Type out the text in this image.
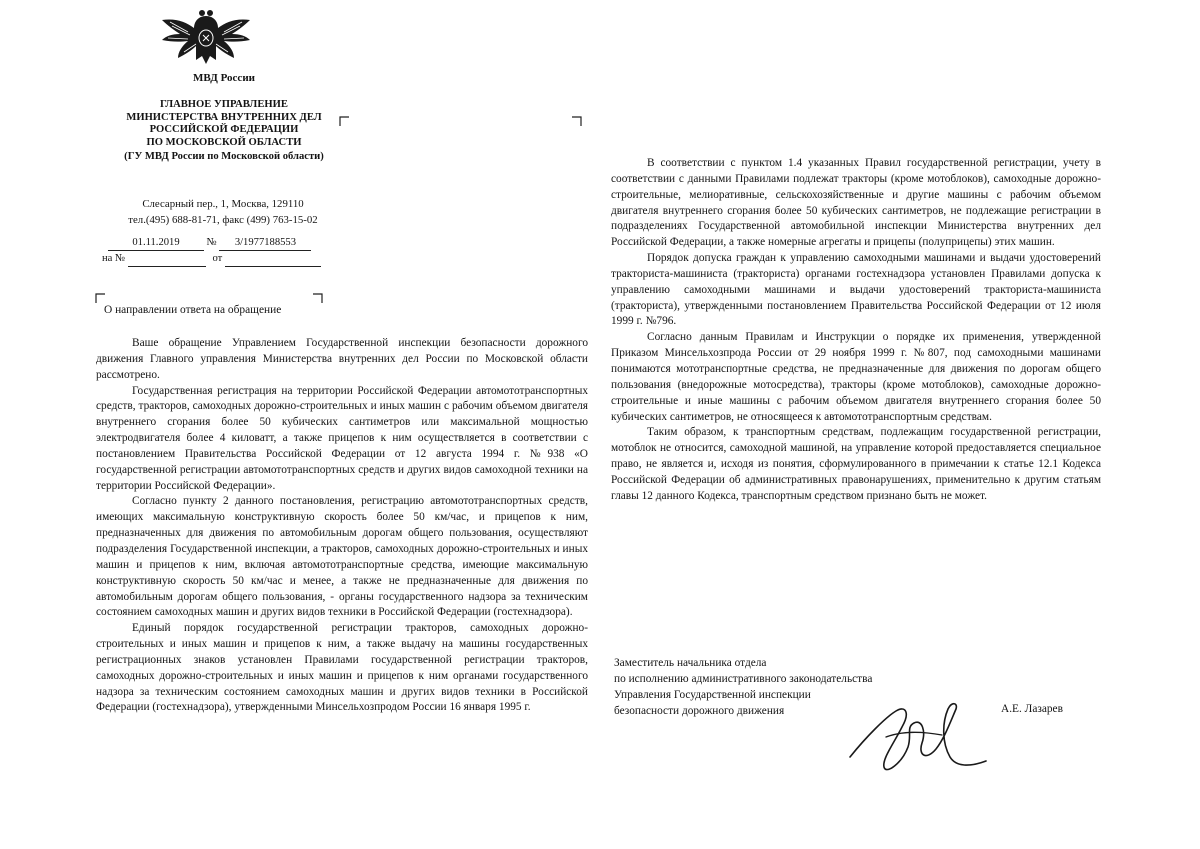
МВД России
ГЛАВНОЕ УПРАВЛЕНИЕ
МИНИСТЕРСТВА ВНУТРЕННИХ ДЕЛ
РОССИЙСКОЙ ФЕДЕРАЦИИ
ПО МОСКОВСКОЙ ОБЛАСТИ
(ГУ МВД России по Московской области)
Слесарный пер., 1, Москва, 129110
тел.(495) 688-81-71, факс (499) 763-15-02
01.11.2019	№ 3/1977188553
на №	от
О направлении ответа на обращение

Ваше обращение Управлением Государственной инспекции безопасности дорожного движения Главного управления Министерства внутренних дел России по Московской области рассмотрено.

Государственная регистрация на территории Российской Федерации автомототранспортных средств, тракторов, самоходных дорожно-строительных и иных машин с рабочим объемом двигателя внутреннего сгорания более 50 кубических сантиметров или максимальной мощностью электродвигателя более 4 киловатт, а также прицепов к ним осуществляется в соответствии с постановлением Правительства Российской Федерации от 12 августа 1994 г. №938 «О государственной регистрации автомототранспортных средств и других видов самоходной техники на территории Российской Федерации».

Согласно пункту 2 данного постановления, регистрацию автомототранспортных средств, имеющих максимальную конструктивную скорость более 50 км/час, и прицепов к ним, предназначенных для движения по автомобильным дорогам общего пользования, осуществляют подразделения Государственной инспекции, а тракторов, самоходных дорожно-строительных и иных машин и прицепов к ним, включая автомототранспортные средства, имеющие максимальную конструктивную скорость 50 км/час и менее, а также не предназначенные для движения по автомобильным дорогам общего пользования, - органы государственного надзора за техническим состоянием самоходных машин и других видов техники в Российской Федерации (гостехнадзора).

Единый порядок государственной регистрации тракторов, самоходных дорожно-строительных и иных машин и прицепов к ним, а также выдачу на машины государственных регистрационных знаков установлен Правилами государственной регистрации тракторов, самоходных дорожно-строительных и иных машин и прицепов к ним органами государственного надзора за техническим состоянием самоходных машин и других видов техники в Российской Федерации (гостехнадзора), утвержденными Минсельхозпродом России 16 января 1995 г.

В соответствии с пунктом 1.4 указанных Правил государственной регистрации, учету в соответствии с данными Правилами подлежат тракторы (кроме мотоблоков), самоходные дорожно-строительные, мелиоративные, сельскохозяйственные и другие машины с рабочим объемом двигателя внутреннего сгорания более 50 кубических сантиметров, не подлежащие регистрации в подразделениях Государственной автомобильной инспекции Министерства внутренних дел Российской Федерации, а также номерные агрегаты и прицепы (полуприцепы) этих машин.

Порядок допуска граждан к управлению самоходными машинами и выдачи удостоверений тракториста-машиниста (тракториста) органами гостехнадзора установлен Правилами допуска к управлению самоходными машинами и выдачи удостоверений тракториста-машиниста (тракториста), утвержденными постановлением Правительства Российской Федерации от 12 июля 1999 г. №796.

Согласно данным Правилам и Инструкции о порядке их применения, утвержденной Приказом Минсельхозпрода России от 29 ноября 1999 г. №807, под самоходными машинами понимаются мототранспортные средства, не предназначенные для движения по дорогам общего пользования (внедорожные мотосредства), тракторы (кроме мотоблоков), самоходные дорожно-строительные и иные машины с рабочим объемом двигателя внутреннего сгорания более 50 кубических сантиметров, не относящееся к автомототранспортным средствам.

Таким образом, к транспортным средствам, подлежащим государственной регистрации, мотоблок не относится, самоходной машиной, на управление которой предоставляется специальное право, не является и, исходя из понятия, сформулированного в примечании к статье 12.1 Кодекса Российской Федерации об административных правонарушениях, применительно к другим статьям главы 12 данного Кодекса, транспортным средством признано быть не может.

Заместитель начальника отдела
по исполнению административного законодательства
Управления Государственной инспекции
безопасности дорожного движения	А.Е. Лазарев
